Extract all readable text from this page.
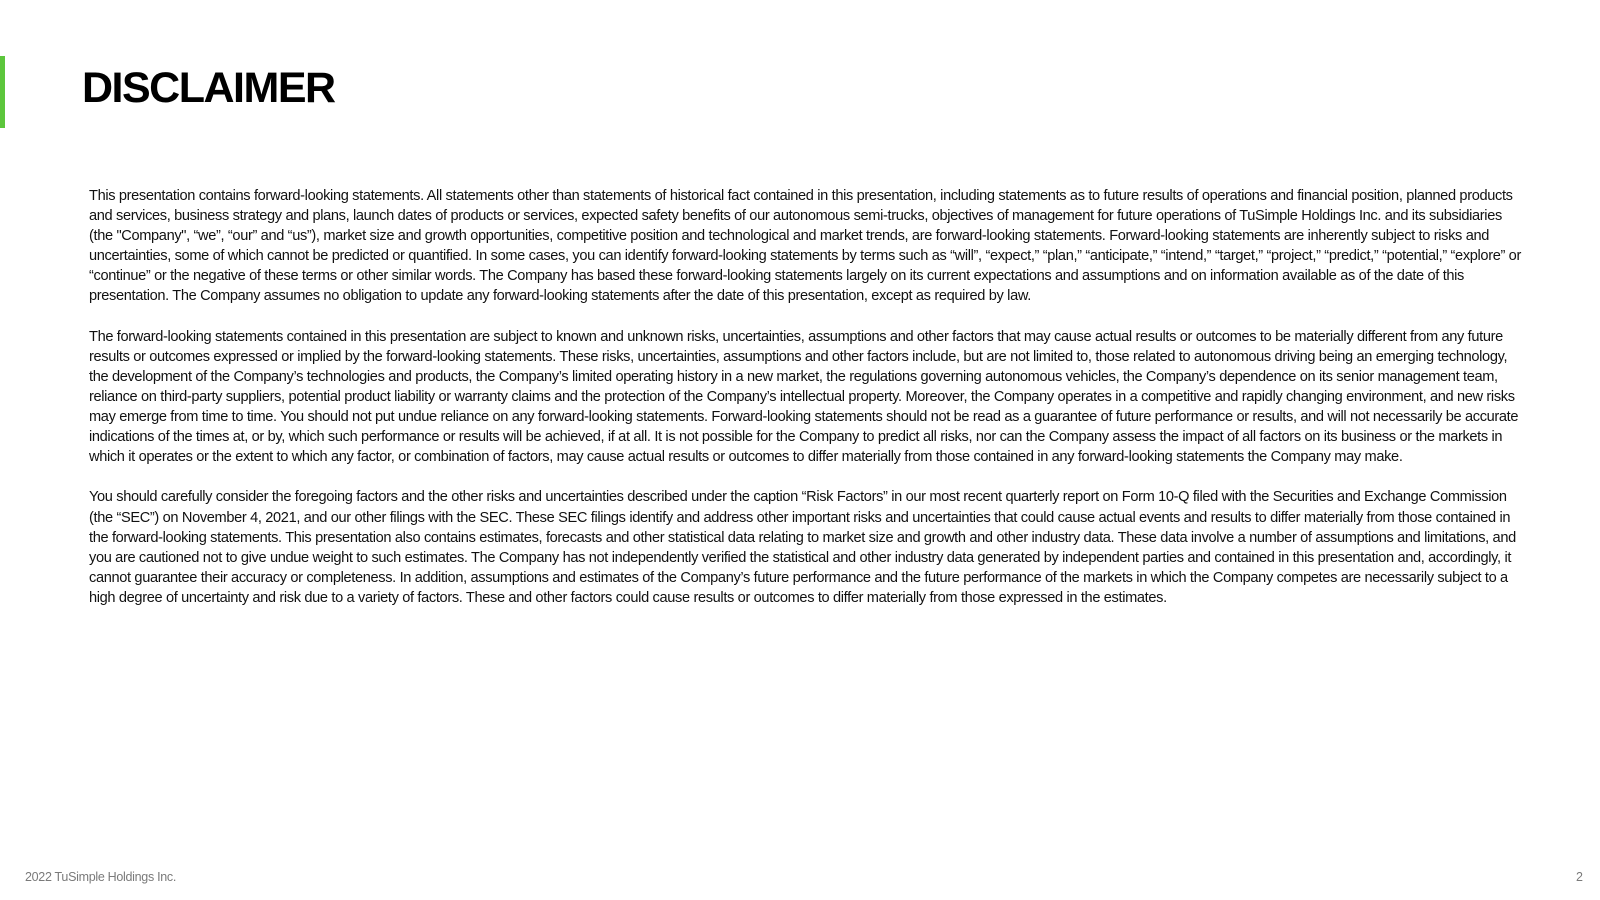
DISCLAIMER

This presentation contains forward-looking statements. All statements other than statements of historical fact contained in this presentation, including statements as to future results of operations and financial position, planned products and services, business strategy and plans, launch dates of products or services, expected safety benefits of our autonomous semi-trucks, objectives of management for future operations of TuSimple Holdings Inc. and its subsidiaries (the "Company", “we”, “our” and “us”), market size and growth opportunities, competitive position and technological and market trends, are forward-looking statements. Forward-looking statements are inherently subject to risks and uncertainties, some of which cannot be predicted or quantified. In some cases, you can identify forward-looking statements by terms such as “will”, “expect,” “plan,” “anticipate,” “intend,” “target,” “project,” “predict,” “potential,” “explore” or “continue” or the negative of these terms or other similar words. The Company has based these forward-looking statements largely on its current expectations and assumptions and on information available as of the date of this presentation. The Company assumes no obligation to update any forward-looking statements after the date of this presentation, except as required by law.

The forward-looking statements contained in this presentation are subject to known and unknown risks, uncertainties, assumptions and other factors that may cause actual results or outcomes to be materially different from any future results or outcomes expressed or implied by the forward-looking statements. These risks, uncertainties, assumptions and other factors include, but are not limited to, those related to autonomous driving being an emerging technology, the development of the Company’s technologies and products, the Company’s limited operating history in a new market, the regulations governing autonomous vehicles, the Company’s dependence on its senior management team, reliance on third-party suppliers, potential product liability or warranty claims and the protection of the Company’s intellectual property. Moreover, the Company operates in a competitive and rapidly changing environment, and new risks may emerge from time to time. You should not put undue reliance on any forward-looking statements. Forward-looking statements should not be read as a guarantee of future performance or results, and will not necessarily be accurate indications of the times at, or by, which such performance or results will be achieved, if at all. It is not possible for the Company to predict all risks, nor can the Company assess the impact of all factors on its business or the markets in which it operates or the extent to which any factor, or combination of factors, may cause actual results or outcomes to differ materially from those contained in any forward-looking statements the Company may make.

You should carefully consider the foregoing factors and the other risks and uncertainties described under the caption “Risk Factors” in our most recent quarterly report on Form 10-Q filed with the Securities and Exchange Commission (the “SEC”) on November 4, 2021, and our other filings with the SEC. These SEC filings identify and address other important risks and uncertainties that could cause actual events and results to differ materially from those contained in the forward-looking statements. This presentation also contains estimates, forecasts and other statistical data relating to market size and growth and other industry data. These data involve a number of assumptions and limitations, and you are cautioned not to give undue weight to such estimates. The Company has not independently verified the statistical and other industry data generated by independent parties and contained in this presentation and, accordingly, it cannot guarantee their accuracy or completeness. In addition, assumptions and estimates of the Company’s future performance and the future performance of the markets in which the Company competes are necessarily subject to a high degree of uncertainty and risk due to a variety of factors. These and other factors could cause results or outcomes to differ materially from those expressed in the estimates.

2022 TuSimple Holdings Inc.	2
